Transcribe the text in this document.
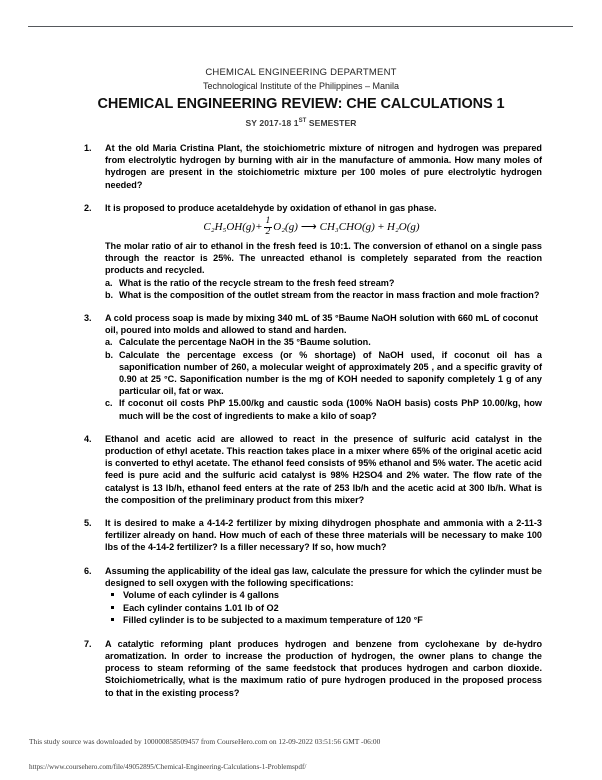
CHEMICAL ENGINEERING DEPARTMENT
Technological Institute of the Philippines – Manila
CHEMICAL ENGINEERING REVIEW: CHE CALCULATIONS 1
SY 2017-18 1ST SEMESTER
1.	At the old Maria Cristina Plant, the stoichiometric mixture of nitrogen and hydrogen was prepared from electrolytic hydrogen by burning with air in the manufacture of ammonia. How many moles of hydrogen are present in the stoichiometric mixture per 100 moles of pure electrolytic hydrogen needed?
2.	It is proposed to produce acetaldehyde by oxidation of ethanol in gas phase.
$C_2H_5OH(g)+ \frac{1}{2} O_2(g)$ ⟶ CH₃CHO(g) + H₂O(g)
The molar ratio of air to ethanol in the fresh feed is 10:1. The conversion of ethanol on a single pass through the reactor is 25%. The unreacted ethanol is completely separated from the reaction products and recycled.
a. What is the ratio of the recycle stream to the fresh feed stream?
b. What is the composition of the outlet stream from the reactor in mass fraction and mole fraction?
3.	A cold process soap is made by mixing 340 mL of 35 °Baume NaOH solution with 660 mL of coconut oil, poured into molds and allowed to stand and harden.
a. Calculate the percentage NaOH in the 35 °Baume solution.
b. Calculate the percentage excess (or % shortage) of NaOH used, if coconut oil has a saponification number of 260, a molecular weight of approximately 205 , and a specific gravity of 0.90 at 25 °C. Saponification number is the mg of KOH needed to saponify completely 1 g of any particular oil, fat or wax.
c. If coconut oil costs PhP 15.00/kg and caustic soda (100% NaOH basis) costs PhP 10.00/kg, how much will be the cost of ingredients to make a kilo of soap?
4.	Ethanol and acetic acid are allowed to react in the presence of sulfuric acid catalyst in the production of ethyl acetate. This reaction takes place in a mixer where 65% of the original acetic acid is converted to ethyl acetate. The ethanol feed consists of 95% ethanol and 5% water. The acetic acid feed is pure acid and the sulfuric acid catalyst is 98% H2SO4 and 2% water. The flow rate of the catalyst is 13 lb/h, ethanol feed enters at the rate of 253 lb/h and the acetic acid at 300 lb/h. What is the composition of the preliminary product from this mixer?
5.	It is desired to make a 4-14-2 fertilizer by mixing dihydrogen phosphate and ammonia with a 2-11-3 fertilizer already on hand. How much of each of these three materials will be necessary to make 100 lbs of the 4-14-2 fertilizer? Is a filler necessary? If so, how much?
6.	Assuming the applicability of the ideal gas law, calculate the pressure for which the cylinder must be designed to sell oxygen with the following specifications:
Volume of each cylinder is 4 gallons
Each cylinder contains 1.01 lb of O2
Filled cylinder is to be subjected to a maximum temperature of 120 °F
7.	A catalytic reforming plant produces hydrogen and benzene from cyclohexane by de-hydro aromatization. In order to increase the production of hydrogen, the owner plans to change the process to steam reforming of the same feedstock that produces hydrogen and carbon dioxide. Stoichiometrically, what is the maximum ratio of pure hydrogen produced in the proposed process to that in the existing process?
This study source was downloaded by 100000858509457 from CourseHero.com on 12-09-2022 03:51:56 GMT -06:00
https://www.coursehero.com/file/49052895/Chemical-Engineering-Calculations-1-Problemspdf/
